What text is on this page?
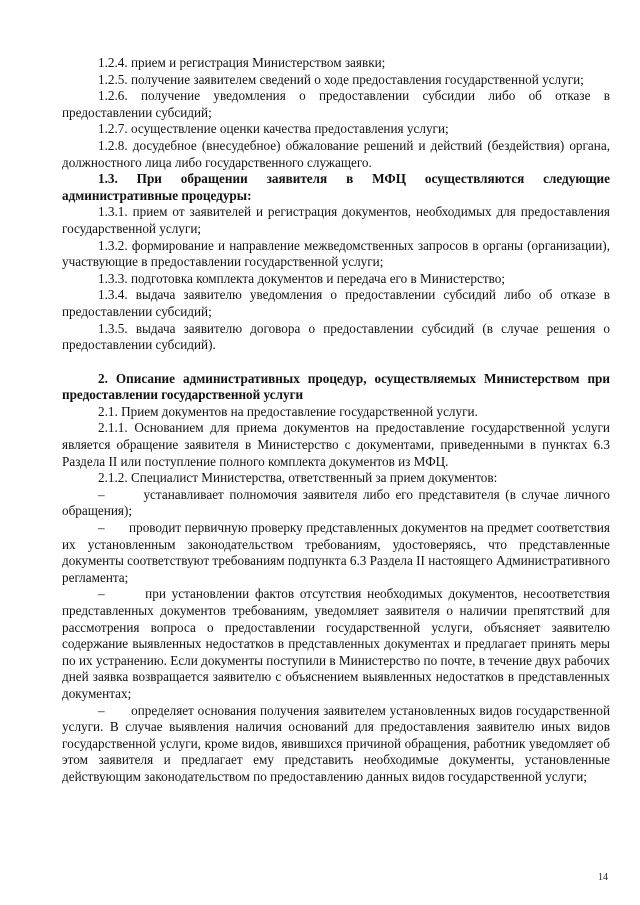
1.2.4. прием и регистрация Министерством заявки;

1.2.5. получение заявителем сведений о ходе предоставления государственной услуги;

1.2.6. получение уведомления о предоставлении субсидии либо об отказе в предоставлении субсидий;

1.2.7. осуществление оценки качества предоставления услуги;

1.2.8. досудебное (внесудебное) обжалование решений и действий (бездействия) органа, должностного лица либо государственного служащего.

1.3. При обращении заявителя в МФЦ осуществляются следующие административные процедуры:

1.3.1. прием от заявителей и регистрация документов, необходимых для предоставления государственной услуги;

1.3.2. формирование и направление межведомственных запросов в органы (организации), участвующие в предоставлении государственной услуги;

1.3.3. подготовка комплекта документов и передача его в Министерство;

1.3.4. выдача заявителю уведомления о предоставлении субсидий либо об отказе в предоставлении субсидий;

1.3.5. выдача заявителю договора о предоставлении субсидий (в случае решения о предоставлении субсидий).

2. Описание административных процедур, осуществляемых Министерством при предоставлении государственной услуги

2.1. Прием документов на предоставление государственной услуги.

2.1.1. Основанием для приема документов на предоставление государственной услуги является обращение заявителя в Министерство с документами, приведенными в пунктах 6.3 Раздела II или поступление полного комплекта документов из МФЦ.

2.1.2. Специалист Министерства, ответственный за прием документов:

–       устанавливает полномочия заявителя либо его представителя (в случае личного обращения);

–       проводит первичную проверку представленных документов на предмет соответствия их установленным законодательством требованиям, удостоверяясь, что представленные документы соответствуют требованиям подпункта 6.3 Раздела II настоящего Административного регламента;

–       при установлении фактов отсутствия необходимых документов, несоответствия представленных документов требованиям, уведомляет заявителя о наличии препятствий для рассмотрения вопроса о предоставлении государственной услуги, объясняет заявителю содержание выявленных недостатков в представленных документах и предлагает принять меры по их устранению. Если документы поступили в Министерство по почте, в течение двух рабочих дней заявка возвращается заявителю с объяснением выявленных недостатков в представленных документах;

–       определяет основания получения заявителем установленных видов государственной услуги. В случае выявления наличия оснований для предоставления заявителю иных видов государственной услуги, кроме видов, явившихся причиной обращения, работник уведомляет об этом заявителя и предлагает ему представить необходимые документы, установленные действующим законодательством по предоставлению данных видов государственной услуги;

14
